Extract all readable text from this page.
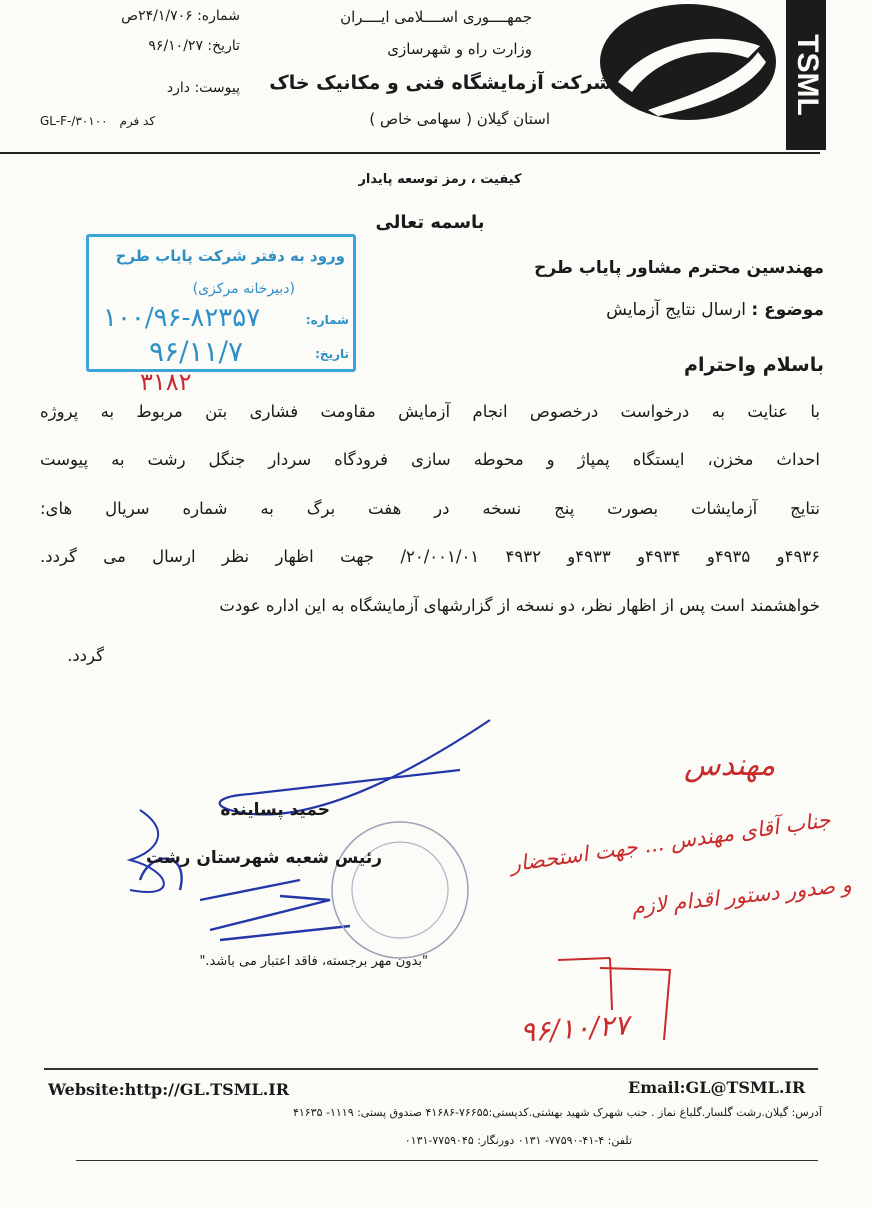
TSML
جمهــــوری اســــلامی ایــــران
وزارت راه و شهرسازی
شرکت آزمایشگاه فنی و مکانیک خاک
استان گیلان ( سهامی خاص )
شماره: ۲۴/۱/۷۰۶ص
تاریخ: ۹۶/۱۰/۲۷
پیوست: دارد
GL-F-/۳۰۱۰۰ کد فرم
کیفیت ، رمز توسعه پایدار
باسمه تعالی
ورود به دفتر شرکت پایاب طرح
(دبیرخانه مرکزی)
شماره:
۱۰۰/۹۶-۸۲۳۵۷
تاریخ:
۹۶/۱۱/۷
۳۱۸۲
مهندسین محترم مشاور پایاب طرح
موضوع : ارسال نتایج آزمایش
باسلام واحترام
با عنایت به درخواست درخصوص انجام آزمایش مقاومت فشاری بتن مربوط به پروژه
احداث مخزن، ایستگاه پمپاژ و محوطه سازی فرودگاه سردار جنگل رشت به پیوست
نتایج آزمایشات بصورت پنج نسخه در هفت برگ به شماره سریال های:
۴۹۳۶و ۴۹۳۵و ۴۹۳۴و ۴۹۳۳و ۴۹۳۲ ۲۰/۰۰۱/۰۱/ جهت اظهار نظر ارسال می گردد.
خواهشمند است پس از اظهار نظر، دو نسخه از گزارشهای آزمایشگاه به این اداره عودت
گردد.
مهندس
جناب آقای مهندس ... جهت استحضار
و صدور دستور اقدام لازم
۹۶/۱۰/۲۷
حمید پساینده
رئیس شعبه شهرستان رشت
"بدون مهر برجسته، فاقد اعتبار می باشد."
Website:http://GL.TSML.IR	Email:GL@TSML.IR
آدرس: گیلان.رشت گلسار.گلباغ نماز . جنب شهرک شهید بهشتی.کدپستی:۷۶۶۵۵-۴۱۶۸۶ صندوق پستی: ۱۱۱۹- ۴۱۶۳۵
تلفن: ۴-۴۱-۷۷۵۹۰- ۰۱۳۱ دورنگار: ۷۷۵۹۰۴۵-۰۱۳۱
